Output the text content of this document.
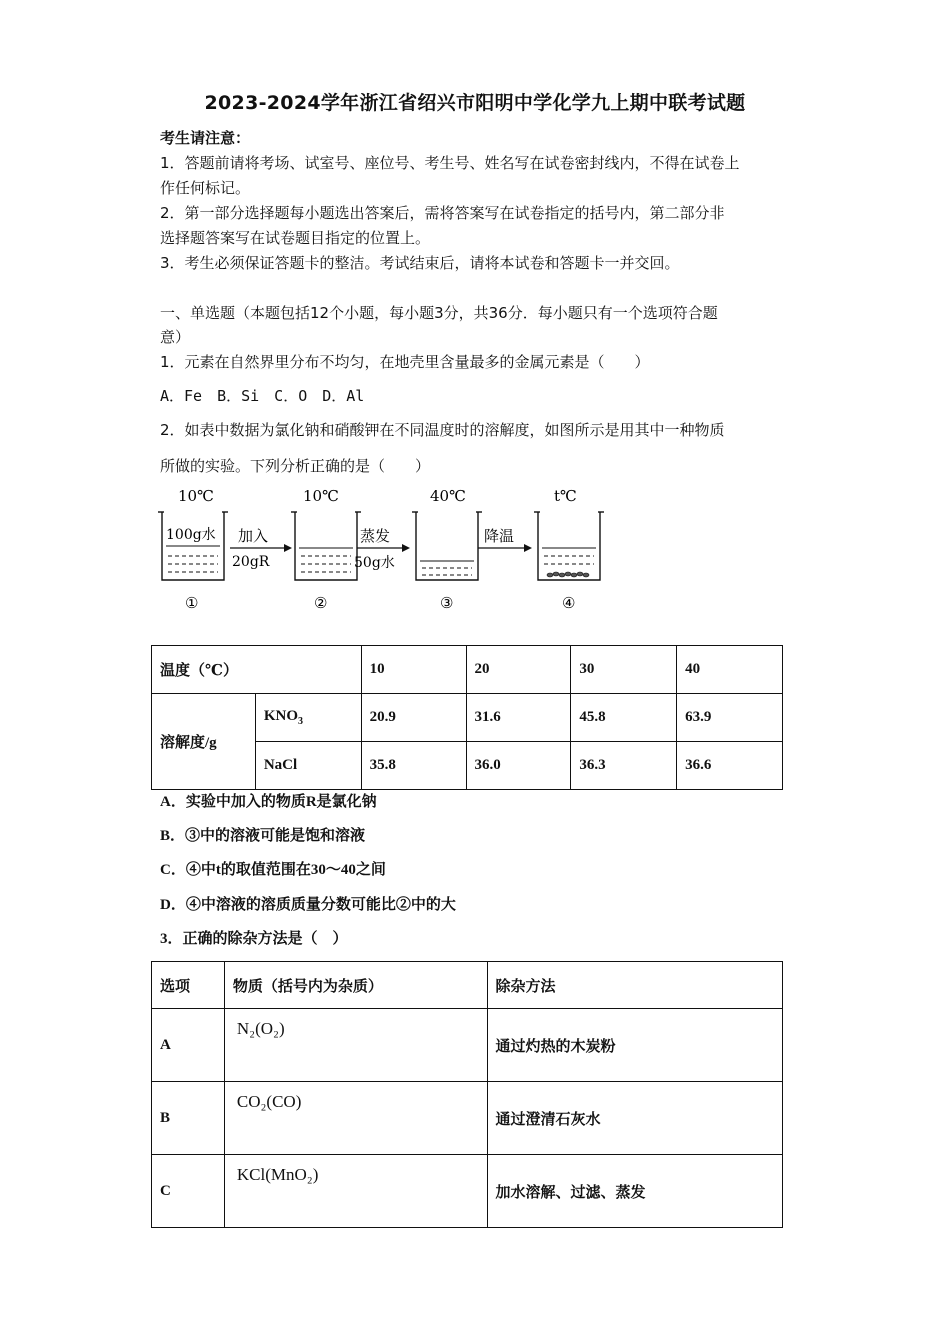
2023-2024学年浙江省绍兴市阳明中学化学九上期中联考试题
考生请注意：
1．答题前请将考场、试室号、座位号、考生号、姓名写在试卷密封线内，不得在试卷上
作任何标记。
2．第一部分选择题每小题选出答案后，需将答案写在试卷指定的括号内，第二部分非
选择题答案写在试卷题目指定的位置上。
3．考生必须保证答题卡的整洁。考试结束后，请将本试卷和答题卡一并交回。
一、单选题（本题包括12个小题，每小题3分，共36分．每小题只有一个选项符合题
意）
1．元素在自然界里分布不均匀，在地壳里含量最多的金属元素是（　　）
A．Fe　B．Si　C．O　D．Al
2．如表中数据为氯化钠和硝酸钾在不同温度时的溶解度，如图所示是用其中一种物质
所做的实验。下列分析正确的是（　　）
10℃
100g水
①
加入
20gR
10℃
②
蒸发
50g水
40℃
③
降温
t℃
④
温度（℃）		10	20	30	40
溶解度/g	$KNO_3$	20.9	31.6	45.8	63.9
	NaCl	35.8	36.0	36.3	36.6
A．实验中加入的物质R是氯化钠
B．③中的溶液可能是饱和溶液
C．④中t的取值范围在30～40之间
D．④中溶液的溶质质量分数可能比②中的大
3．正确的除杂方法是（　）
选项	物质（括号内为杂质）	除杂方法
A	N₂(O₂)	通过灼热的木炭粉
B	CO₂(CO)	通过澄清石灰水
C	KCl(MnO₂)	加水溶解、过滤、蒸发
